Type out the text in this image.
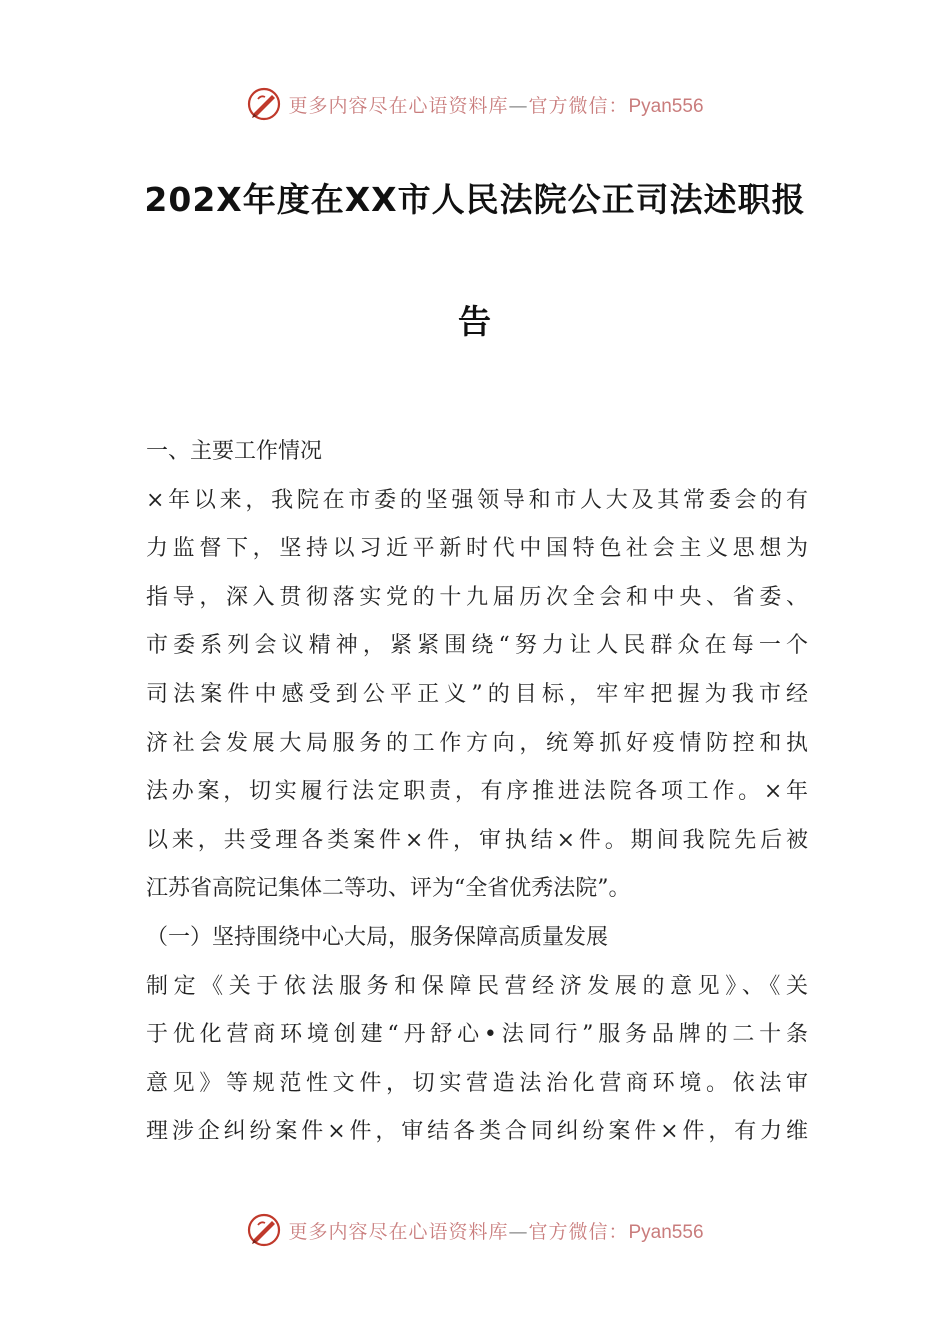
更多内容尽在心语资料库—官方微信：Pyan556
202X年度在XX市人民法院公正司法述职报
告
一、主要工作情况
×年以来，我院在市委的坚强领导和市人大及其常委会的有
力监督下，坚持以习近平新时代中国特色社会主义思想为
指导，深入贯彻落实党的十九届历次全会和中央、省委、
市委系列会议精神，紧紧围绕“努力让人民群众在每一个
司法案件中感受到公平正义”的目标，牢牢把握为我市经
济社会发展大局服务的工作方向，统筹抓好疫情防控和执
法办案，切实履行法定职责，有序推进法院各项工作。×年
以来，共受理各类案件×件，审执结×件。期间我院先后被
江苏省高院记集体二等功、评为“全省优秀法院”。
（一）坚持围绕中心大局，服务保障高质量发展
制定《关于依法服务和保障民营经济发展的意见》、《关
于优化营商环境创建“丹舒心•法同行”服务品牌的二十条
意见》等规范性文件，切实营造法治化营商环境。依法审
理涉企纠纷案件×件，审结各类合同纠纷案件×件，有力维
更多内容尽在心语资料库—官方微信：Pyan556
